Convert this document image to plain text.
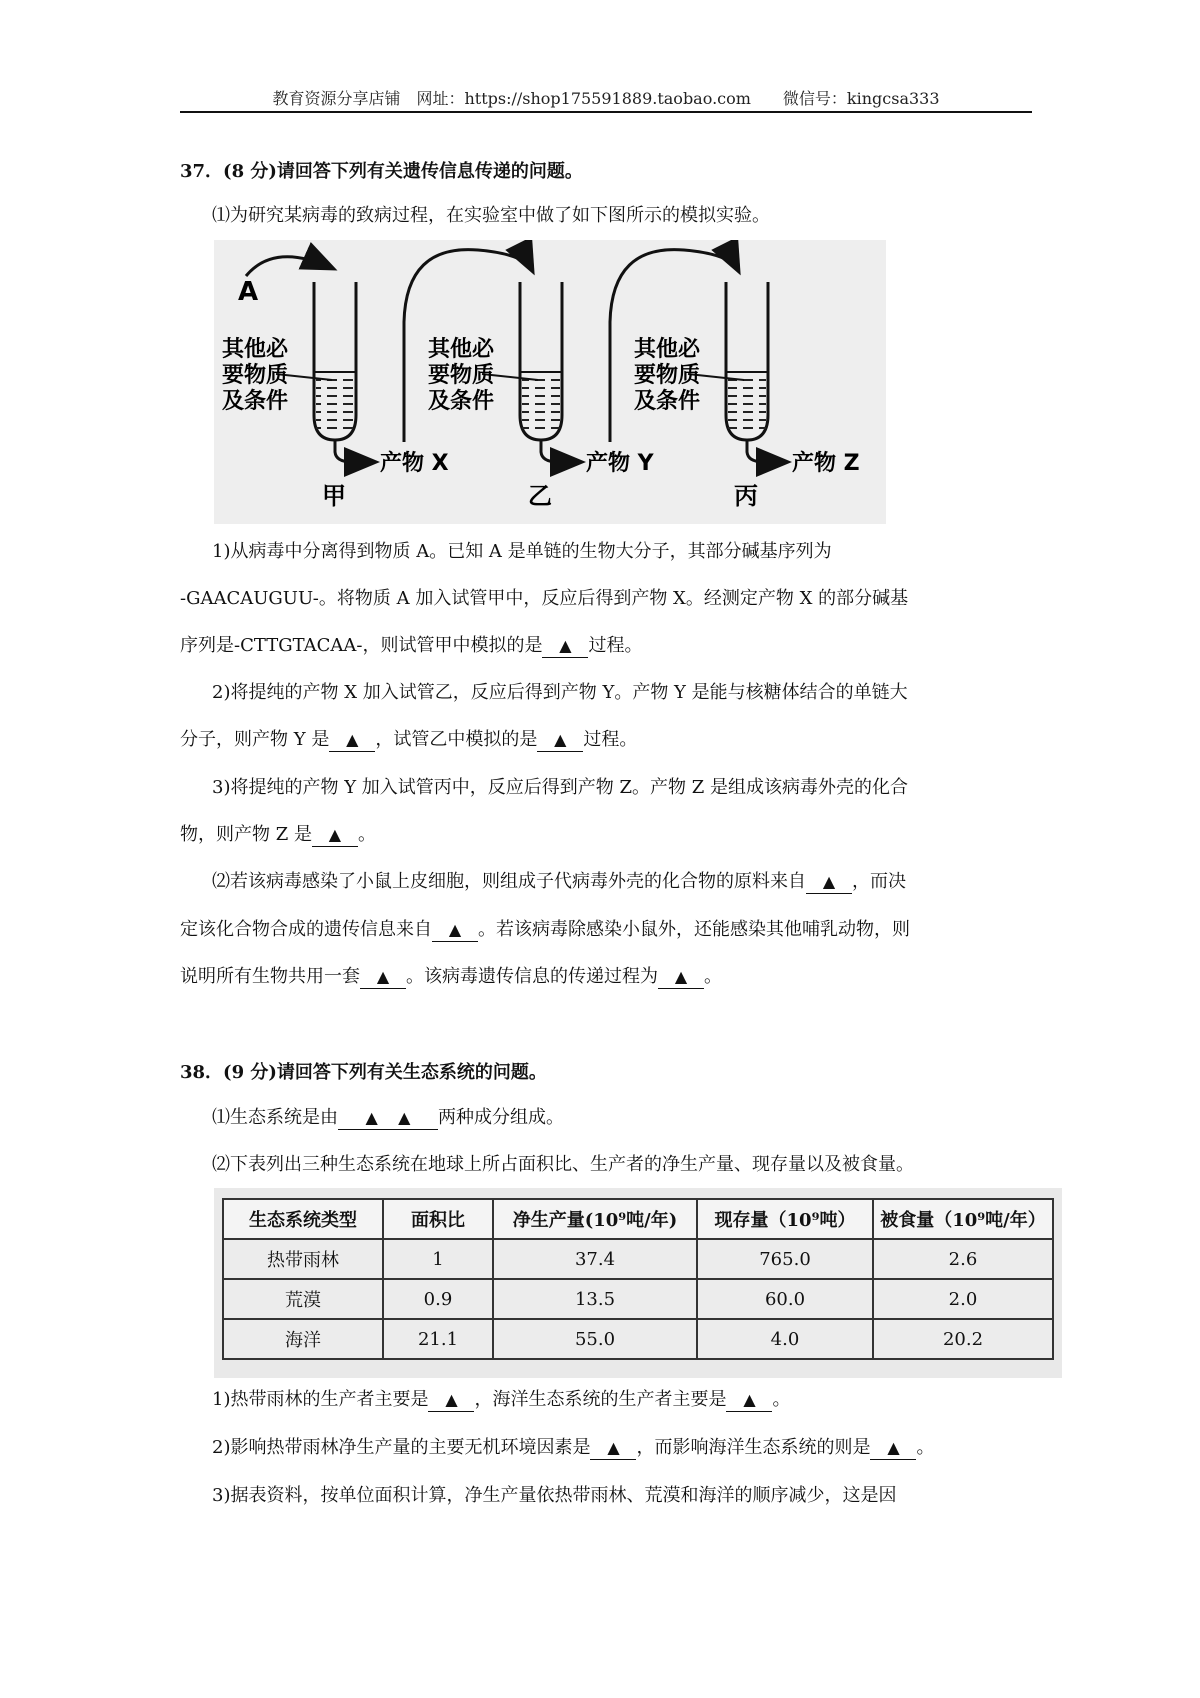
教育资源分享店铺　网址：https://shop175591889.taobao.com　　微信号：kingcsa333
37．(8 分)请回答下列有关遗传信息传递的问题。
⑴为研究某病毒的致病过程，在实验室中做了如下图所示的模拟实验。
A
其他必
要物质
及条件
产物 X
甲
其他必
要物质
及条件
产物 Y
乙
其他必
要物质
及条件
产物 Z
丙
1)从病毒中分离得到物质 A。已知 A 是单链的生物大分子，其部分碱基序列为
-GAACAUGUU-。将物质 A 加入试管甲中，反应后得到产物 X。经测定产物 X 的部分碱基
序列是-CTTGTACAA-，则试管甲中模拟的是 ▲ 过程。
2)将提纯的产物 X 加入试管乙，反应后得到产物 Y。产物 Y 是能与核糖体结合的单链大
分子，则产物 Y 是 ▲ ，试管乙中模拟的是 ▲ 过程。
3)将提纯的产物 Y 加入试管丙中，反应后得到产物 Z。产物 Z 是组成该病毒外壳的化合
物，则产物 Z 是 ▲ 。
⑵若该病毒感染了小鼠上皮细胞，则组成子代病毒外壳的化合物的原料来自 ▲ ，而决
定该化合物合成的遗传信息来自 ▲ 。若该病毒除感染小鼠外，还能感染其他哺乳动物，则
说明所有生物共用一套 ▲ 。该病毒遗传信息的传递过程为 ▲ 。
38．(9 分)请回答下列有关生态系统的问题。
⑴生态系统是由 ▲ ▲ 两种成分组成。
⑵下表列出三种生态系统在地球上所占面积比、生产者的净生产量、现存量以及被食量。
生态系统类型	面积比	净生产量(10⁹吨/年)	现存量（10⁹吨）	被食量（10⁹吨/年）
热带雨林	1	37.4	765.0	2.6
荒漠	0.9	13.5	60.0	2.0
海洋	21.1	55.0	4.0	20.2
1)热带雨林的生产者主要是 ▲ ，海洋生态系统的生产者主要是 ▲ 。
2)影响热带雨林净生产量的主要无机环境因素是 ▲ ，而影响海洋生态系统的则是 ▲ 。
3)据表资料，按单位面积计算，净生产量依热带雨林、荒漠和海洋的顺序减少，这是因
